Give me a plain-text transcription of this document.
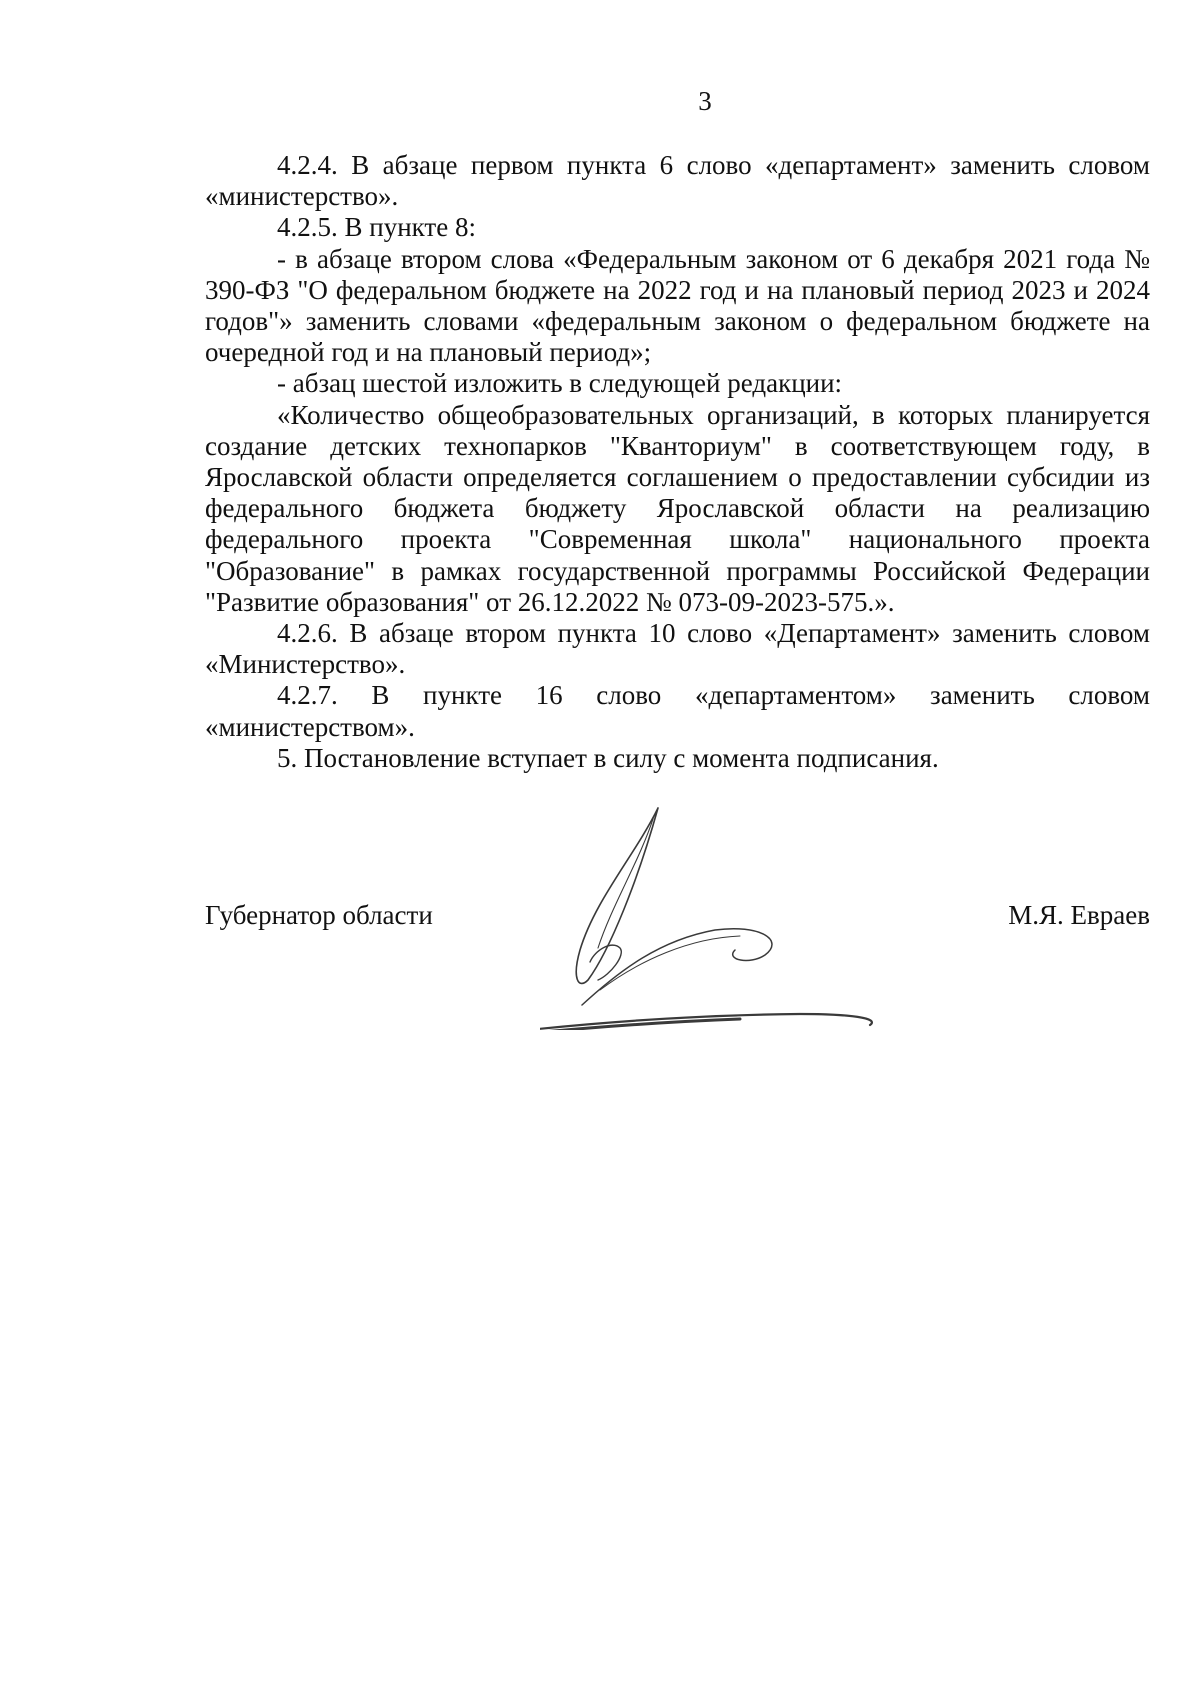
3

4.2.4. В абзаце первом пункта 6 слово «департамент» заменить словом «министерство».

4.2.5. В пункте 8:

- в абзаце втором слова «Федеральным законом от 6 декабря 2021 года № 390-ФЗ "О федеральном бюджете на 2022 год и на плановый период 2023 и 2024 годов"» заменить словами «федеральным законом о федеральном бюджете на очередной год и на плановый период»;

- абзац шестой изложить в следующей редакции:

«Количество общеобразовательных организаций, в которых планируется создание детских технопарков "Кванториум" в соответствующем году, в Ярославской области определяется соглашением о предоставлении субсидии из федерального бюджета бюджету Ярославской области на реализацию федерального проекта "Современная школа" национального проекта "Образование" в рамках государственной программы Российской Федерации "Развитие образования" от 26.12.2022 № 073-09-2023-575.».

4.2.6. В абзаце втором пункта 10 слово «Департамент» заменить словом «Министерство».

4.2.7. В пункте 16 слово «департаментом» заменить словом «министерством».

5. Постановление вступает в силу с момента подписания.

Губернатор области	М.Я. Евраев
